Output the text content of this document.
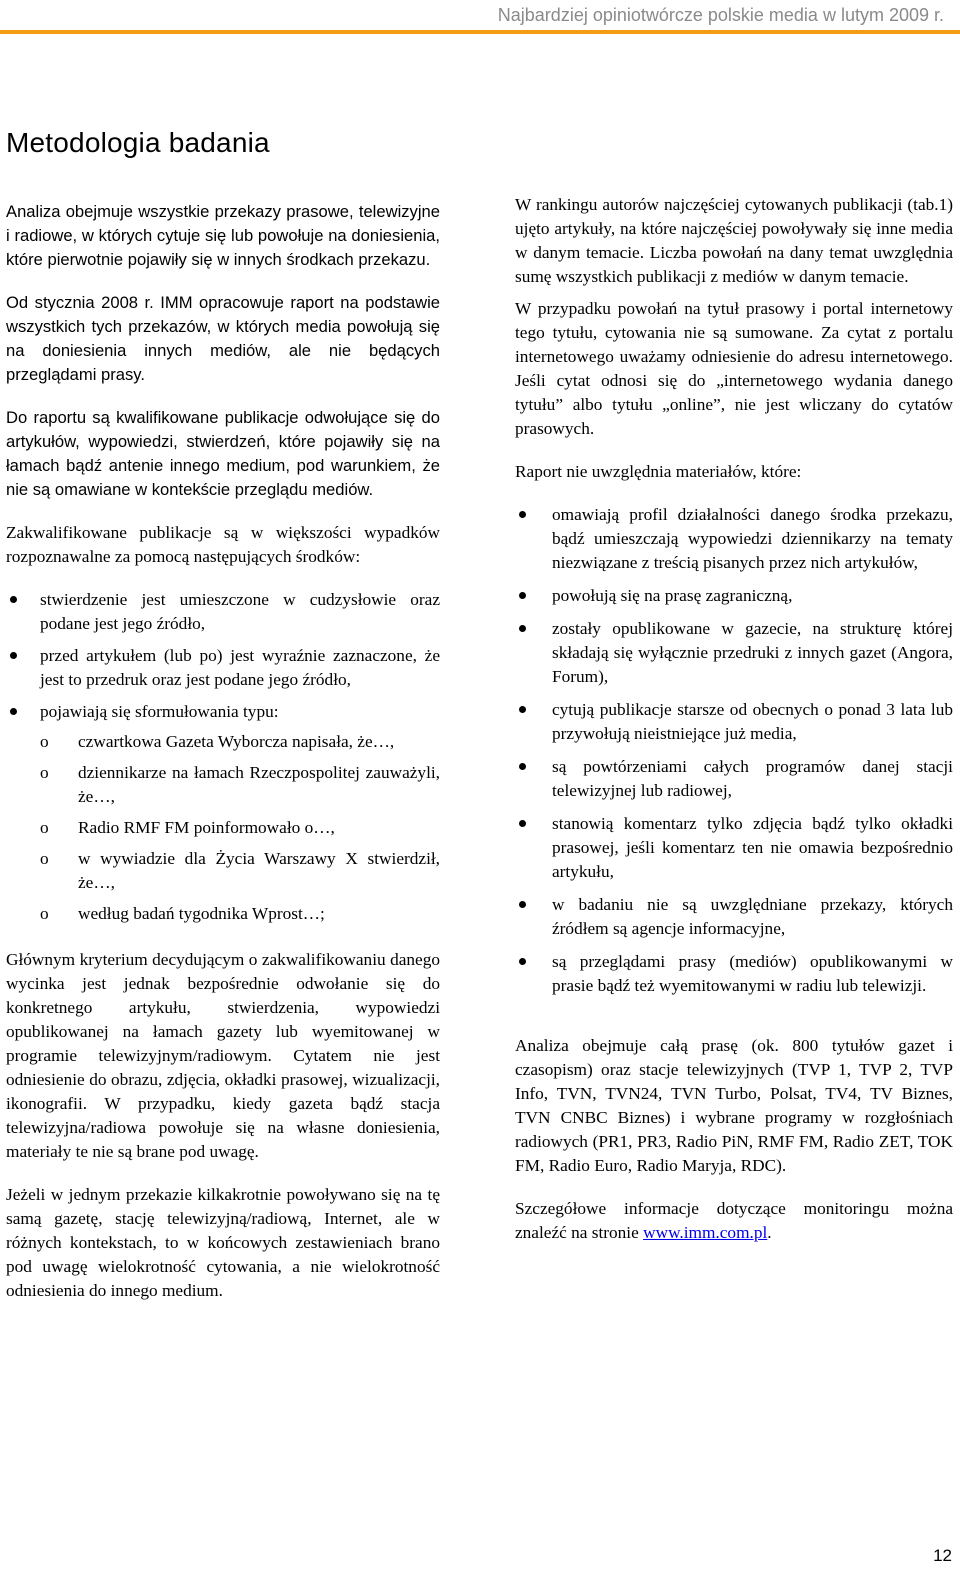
Najbardziej opiniotwórcze polskie media w lutym 2009 r.
Metodologia badania

Analiza obejmuje wszystkie przekazy prasowe, telewizyjne i radiowe, w których cytuje się lub powołuje na doniesienia, które pierwotnie pojawiły się w innych środkach przekazu.

Od stycznia 2008 r. IMM opracowuje raport na podstawie wszystkich tych przekazów, w których media powołują się na doniesienia innych mediów, ale nie będących przeglądami prasy.

Do raportu są kwalifikowane publikacje odwołujące się do artykułów, wypowiedzi, stwierdzeń, które pojawiły się na łamach bądź antenie innego medium, pod warunkiem, że nie są omawiane w kontekście przeglądu mediów.

Zakwalifikowane publikacje są w większości wypadków rozpoznawalne za pomocą następujących środków:

stwierdzenie jest umieszczone w cudzysłowie oraz podane jest jego źródło,
przed artykułem (lub po) jest wyraźnie zaznaczone, że jest to przedruk oraz jest podane jego źródło,
pojawiają się sformułowania typu:
o czwartkowa Gazeta Wyborcza napisała, że…,
o dziennikarze na łamach Rzeczpospolitej zauważyli, że…,
o Radio RMF FM poinformowało o…,
o w wywiadzie dla Życia Warszawy X stwierdził, że…,
o według badań tygodnika Wprost…;

Głównym kryterium decydującym o zakwalifikowaniu danego wycinka jest jednak bezpośrednie odwołanie się do konkretnego artykułu, stwierdzenia, wypowiedzi opublikowanej na łamach gazety lub wyemitowanej w programie telewizyjnym/radiowym. Cytatem nie jest odniesienie do obrazu, zdjęcia, okładki prasowej, wizualizacji, ikonografii. W przypadku, kiedy gazeta bądź stacja telewizyjna/radiowa powołuje się na własne doniesienia, materiały te nie są brane pod uwagę.

Jeżeli w jednym przekazie kilkakrotnie powoływano się na tę samą gazetę, stację telewizyjną/radiową, Internet, ale w różnych kontekstach, to w końcowych zestawieniach brano pod uwagę wielokrotność cytowania, a nie wielokrotność odniesienia do innego medium.

W rankingu autorów najczęściej cytowanych publikacji (tab.1) ujęto artykuły, na które najczęściej powoływały się inne media w danym temacie. Liczba powołań na dany temat uwzględnia sumę wszystkich publikacji z mediów w danym temacie.

W przypadku powołań na tytuł prasowy i portal internetowy tego tytułu, cytowania nie są sumowane. Za cytat z portalu internetowego uważamy odniesienie do adresu internetowego. Jeśli cytat odnosi się do „internetowego wydania danego tytułu” albo tytułu „online”, nie jest wliczany do cytatów prasowych.

Raport nie uwzględnia materiałów, które:

omawiają profil działalności danego środka przekazu, bądź umieszczają wypowiedzi dziennikarzy na tematy niezwiązane z treścią pisanych przez nich artykułów,
powołują się na prasę zagraniczną,
zostały opublikowane w gazecie, na strukturę której składają się wyłącznie przedruki z innych gazet (Angora, Forum),
cytują publikacje starsze od obecnych o ponad 3 lata lub przywołują nieistniejące już media,
są powtórzeniami całych programów danej stacji telewizyjnej lub radiowej,
stanowią komentarz tylko zdjęcia bądź tylko okładki prasowej, jeśli komentarz ten nie omawia bezpośrednio artykułu,
w badaniu nie są uwzględniane przekazy, których źródłem są agencje informacyjne,
są przeglądami prasy (mediów) opublikowanymi w prasie bądź też wyemitowanymi w radiu lub telewizji.

Analiza obejmuje całą prasę (ok. 800 tytułów gazet i czasopism) oraz stacje telewizyjnych (TVP 1, TVP 2, TVP Info, TVN, TVN24, TVN Turbo, Polsat, TV4, TV Biznes, TVN CNBC Biznes) i wybrane programy w rozgłośniach radiowych (PR1, PR3, Radio PiN, RMF FM, Radio ZET, TOK FM, Radio Euro, Radio Maryja, RDC).

Szczegółowe informacje dotyczące monitoringu można znaleźć na stronie www.imm.com.pl.

12
